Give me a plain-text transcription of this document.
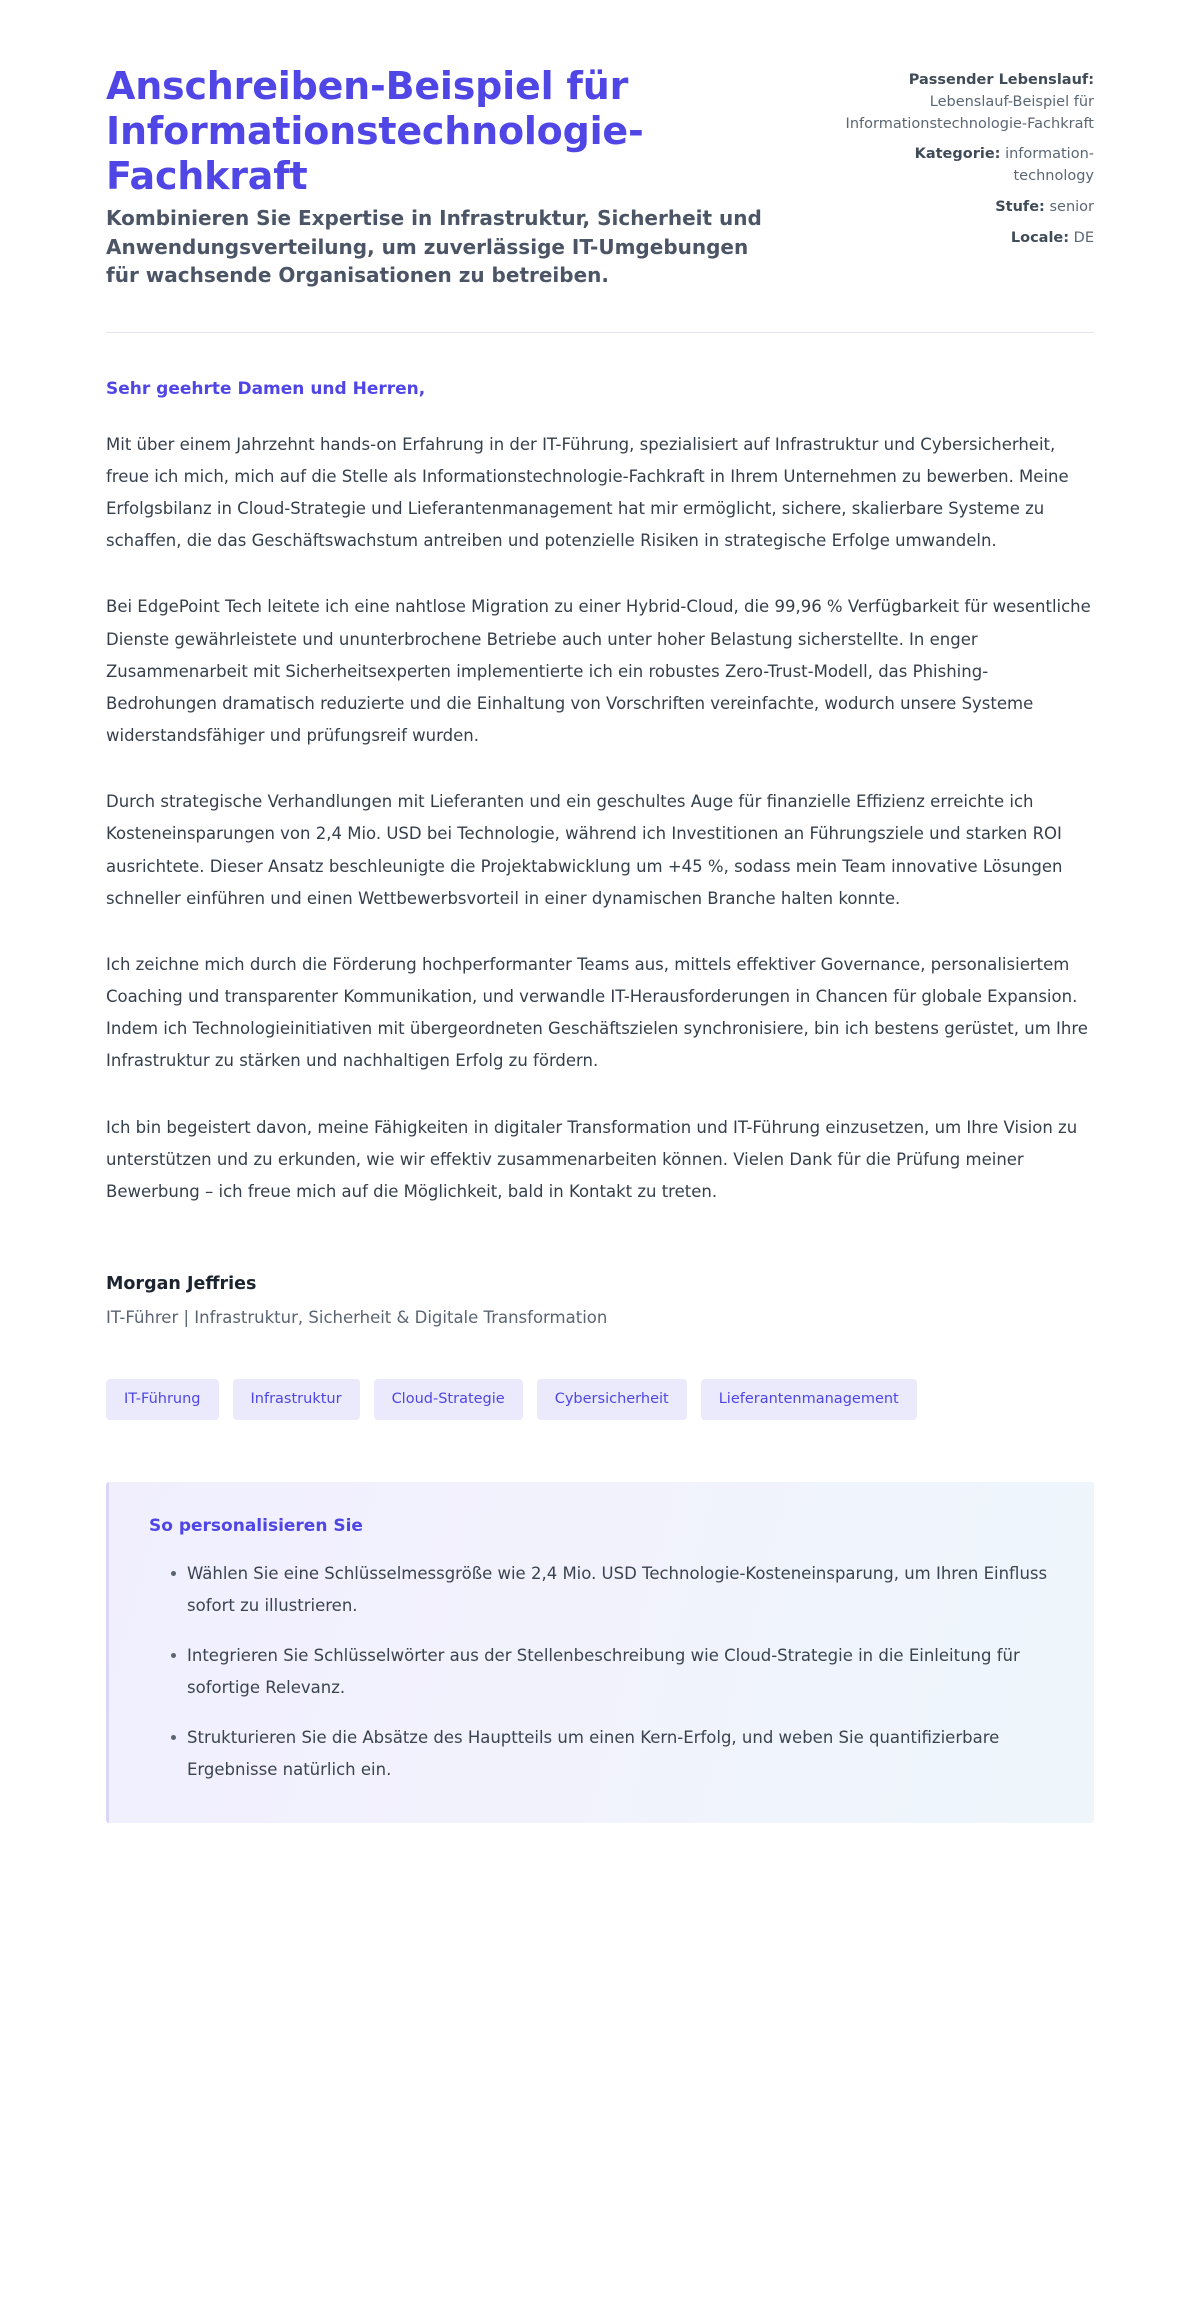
Anschreiben-Beispiel für Informationstechnologie-Fachkraft

Kombinieren Sie Expertise in Infrastruktur, Sicherheit und Anwendungsverteilung, um zuverlässige IT-Umgebungen für wachsende Organisationen zu betreiben.

Passender Lebenslauf:
Lebenslauf-Beispiel für Informationstechnologie-Fachkraft
Kategorie: information-technology
Stufe: senior
Locale: DE

Sehr geehrte Damen und Herren,

Mit über einem Jahrzehnt hands-on Erfahrung in der IT-Führung, spezialisiert auf Infrastruktur und Cybersicherheit, freue ich mich, mich auf die Stelle als Informationstechnologie-Fachkraft in Ihrem Unternehmen zu bewerben. Meine Erfolgsbilanz in Cloud-Strategie und Lieferantenmanagement hat mir ermöglicht, sichere, skalierbare Systeme zu schaffen, die das Geschäftswachstum antreiben und potenzielle Risiken in strategische Erfolge umwandeln.

Bei EdgePoint Tech leitete ich eine nahtlose Migration zu einer Hybrid-Cloud, die 99,96 % Verfügbarkeit für wesentliche Dienste gewährleistete und ununterbrochene Betriebe auch unter hoher Belastung sicherstellte. In enger Zusammenarbeit mit Sicherheitsexperten implementierte ich ein robustes Zero-Trust-Modell, das Phishing-Bedrohungen dramatisch reduzierte und die Einhaltung von Vorschriften vereinfachte, wodurch unsere Systeme widerstandsfähiger und prüfungsreif wurden.

Durch strategische Verhandlungen mit Lieferanten und ein geschultes Auge für finanzielle Effizienz erreichte ich Kosteneinsparungen von 2,4 Mio. USD bei Technologie, während ich Investitionen an Führungsziele und starken ROI ausrichtete. Dieser Ansatz beschleunigte die Projektabwicklung um +45 %, sodass mein Team innovative Lösungen schneller einführen und einen Wettbewerbsvorteil in einer dynamischen Branche halten konnte.

Ich zeichne mich durch die Förderung hochperformanter Teams aus, mittels effektiver Governance, personalisiertem Coaching und transparenter Kommunikation, und verwandle IT-Herausforderungen in Chancen für globale Expansion. Indem ich Technologieinitiativen mit übergeordneten Geschäftszielen synchronisiere, bin ich bestens gerüstet, um Ihre Infrastruktur zu stärken und nachhaltigen Erfolg zu fördern.

Ich bin begeistert davon, meine Fähigkeiten in digitaler Transformation und IT-Führung einzusetzen, um Ihre Vision zu unterstützen und zu erkunden, wie wir effektiv zusammenarbeiten können. Vielen Dank für die Prüfung meiner Bewerbung – ich freue mich auf die Möglichkeit, bald in Kontakt zu treten.

Morgan Jeffries

IT-Führer | Infrastruktur, Sicherheit & Digitale Transformation

IT-Führung	Infrastruktur	Cloud-Strategie	Cybersicherheit	Lieferantenmanagement
So personalisieren Sie
Wählen Sie eine Schlüsselmessgröße wie 2,4 Mio. USD Technologie-Kosteneinsparung, um Ihren Einfluss sofort zu illustrieren.
Integrieren Sie Schlüsselwörter aus der Stellenbeschreibung wie Cloud-Strategie in die Einleitung für sofortige Relevanz.
Strukturieren Sie die Absätze des Hauptteils um einen Kern-Erfolg, und weben Sie quantifizierbare Ergebnisse natürlich ein.
